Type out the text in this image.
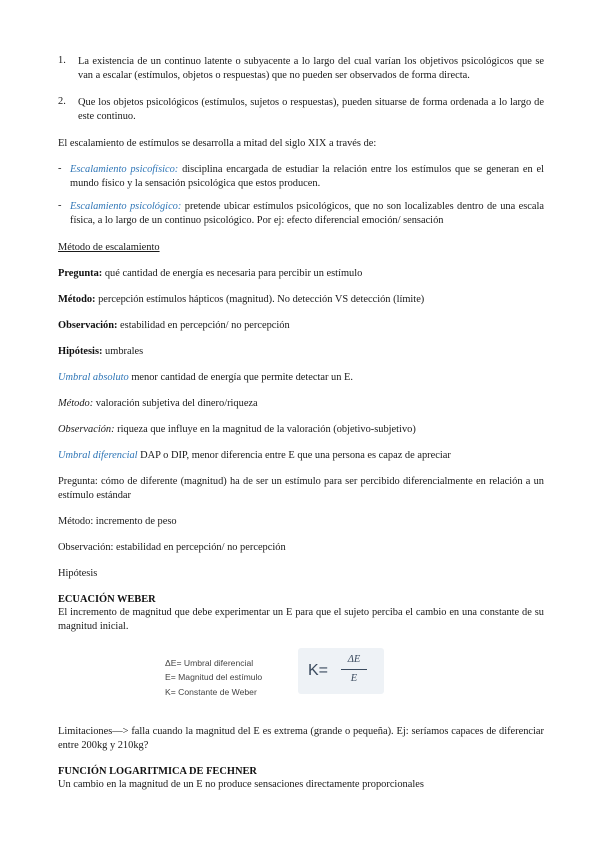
1. La existencia de un continuo latente o subyacente a lo largo del cual varían los objetivos psicológicos que se van a escalar (estímulos, objetos o respuestas) que no pueden ser observados de forma directa.
2. Que los objetos psicológicos (estímulos, sujetos o respuestas), pueden situarse de forma ordenada a lo largo de este continuo.
El escalamiento de estímulos se desarrolla a mitad del siglo XIX a través de:
- Escalamiento psicofísico: disciplina encargada de estudiar la relación entre los estímulos que se generan en el mundo físico y la sensación psicológica que estos producen.
- Escalamiento psicológico: pretende ubicar estímulos psicológicos, que no son localizables dentro de una escala física, a lo largo de un continuo psicológico. Por ej: efecto diferencial emoción/ sensación
Método de escalamiento
Pregunta: qué cantidad de energía es necesaria para percibir un estímulo
Método: percepción estímulos hápticos (magnitud). No detección VS detección (límite)
Observación: estabilidad en percepción/ no percepción
Hipótesis: umbrales
Umbral absoluto menor cantidad de energía que permite detectar un E.
Método: valoración subjetiva del dinero/riqueza
Observación: riqueza que influye en la magnitud de la valoración (objetivo-subjetivo)
Umbral diferencial DAP o DIP, menor diferencia entre E que una persona es capaz de apreciar
Pregunta: cómo de diferente (magnitud) ha de ser un estímulo para ser percibido diferencialmente en relación a un estímulo estándar
Método: incremento de peso
Observación: estabilidad en percepción/ no percepción
Hipótesis
ECUACIÓN WEBER
El incremento de magnitud que debe experimentar un E para que el sujeto perciba el cambio en una constante de su magnitud inicial.
ΔE= Umbral diferencial
E= Magnitud del estímulo
K= Constante de Weber
K=
ΔE
E
Limitaciones—> falla cuando la magnitud del E es extrema (grande o pequeña). Ej: seríamos capaces de diferenciar entre 200kg y 210kg?
FUNCIÓN LOGARITMICA DE FECHNER
Un cambio en la magnitud de un E no produce sensaciones directamente proporcionales
